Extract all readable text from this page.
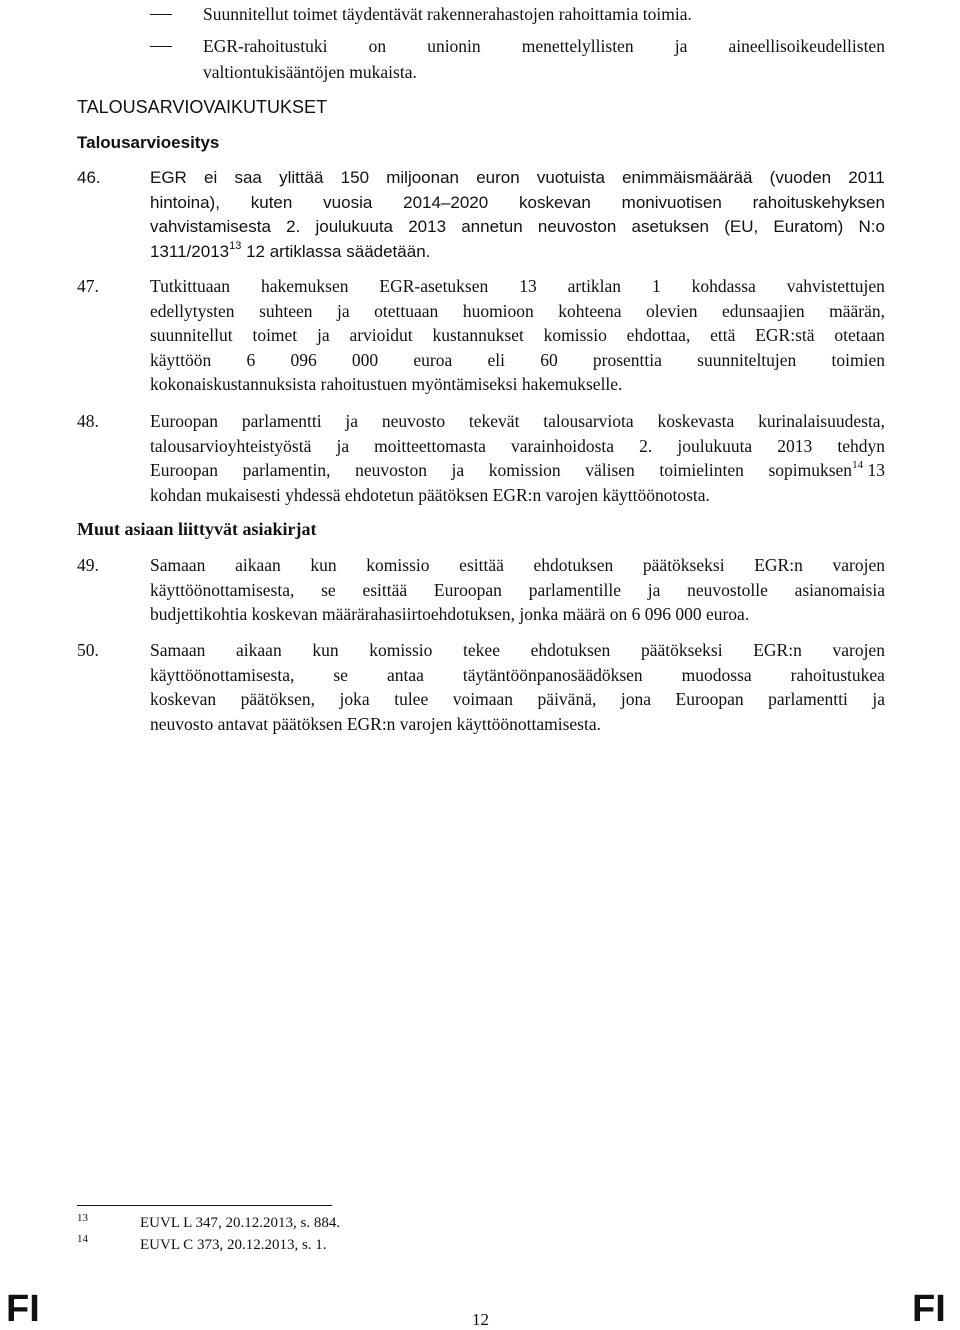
Suunnitellut toimet täydentävät rakennerahastojen rahoittamia toimia.
EGR-rahoitustuki on unionin menettelyllisten ja aineellisoikeudellisten
valtiontukisääntöjen mukaista.
TALOUSARVIOVAIKUTUKSET
Talousarvioesitys
46.	EGR ei saa ylittää 150 miljoonan euron vuotuista enimmäismäärää (vuoden 2011
hintoina), kuten vuosia 2014–2020 koskevan monivuotisen rahoituskehyksen
vahvistamisesta 2. joulukuuta 2013 annetun neuvoston asetuksen (EU, Euratom) N:o
1311/2013$^{13}$ 12 artiklassa säädetään.
47.	Tutkittuaan hakemuksen EGR-asetuksen 13 artiklan 1 kohdassa vahvistettujen
edellytysten suhteen ja otettuaan huomioon kohteena olevien edunsaajien määrän,
suunnitellut toimet ja arvioidut kustannukset komissio ehdottaa, että EGR:stä otetaan
käyttöön 6 096 000 euroa eli 60 prosenttia suunniteltujen toimien
kokonaiskustannuksista rahoitustuen myöntämiseksi hakemukselle.
48.	Euroopan parlamentti ja neuvosto tekevät talousarviota koskevasta kurinalaisuudesta,
talousarvioyhteistyöstä ja moitteettomasta varainhoidosta 2. joulukuuta 2013 tehdyn
Euroopan parlamentin, neuvoston ja komission välisen toimielinten sopimuksen$^{14}$ 13
kohdan mukaisesti yhdessä ehdotetun päätöksen EGR:n varojen käyttöönotosta.
Muut asiaan liittyvät asiakirjat
49.	Samaan aikaan kun komissio esittää ehdotuksen päätökseksi EGR:n varojen
käyttöönottamisesta, se esittää Euroopan parlamentille ja neuvostolle asianomaisia
budjettikohtia koskevan määrärahasiirtoehdotuksen, jonka määrä on 6 096 000 euroa.
50.	Samaan aikaan kun komissio tekee ehdotuksen päätökseksi EGR:n varojen
käyttöönottamisesta, se antaa täytäntöönpanosäädöksen muodossa rahoitustukea
koskevan päätöksen, joka tulee voimaan päivänä, jona Euroopan parlamentti ja
neuvosto antavat päätöksen EGR:n varojen käyttöönottamisesta.
13	EUVL L 347, 20.12.2013, s. 884.
14	EUVL C 373, 20.12.2013, s. 1.
FI	12	FI
